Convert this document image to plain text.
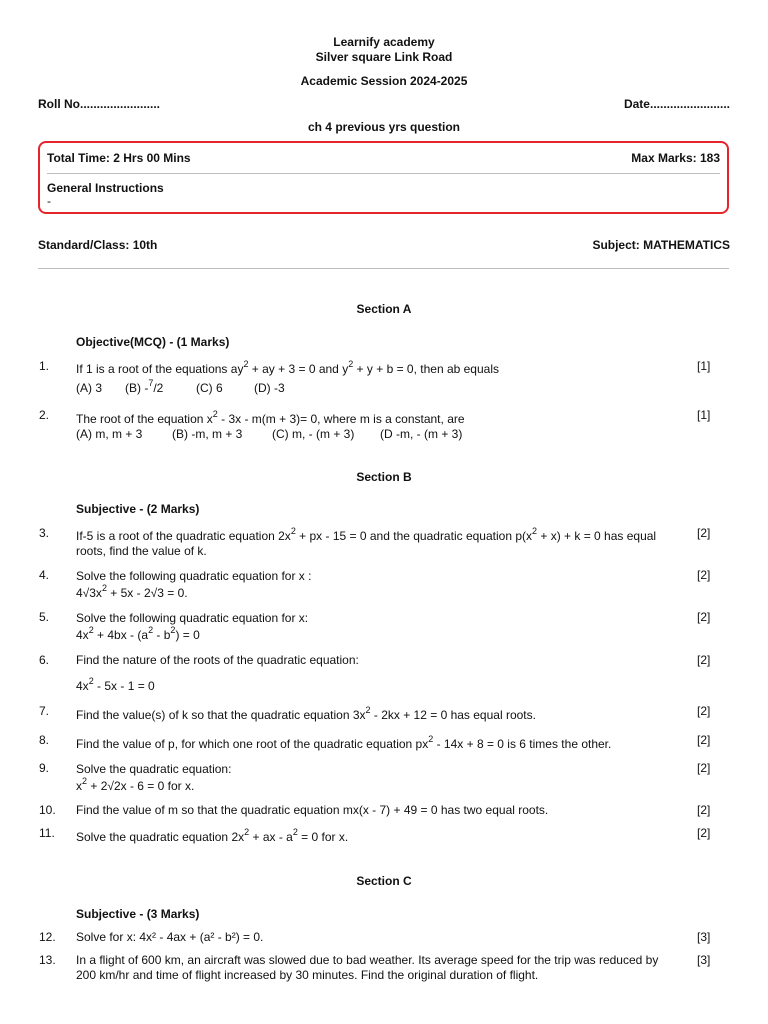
Learnify academy
Silver square Link Road
Academic Session 2024-2025
Roll No........................	Date........................
ch 4 previous yrs question
Total Time: 2 Hrs 00 Mins	Max Marks: 183
General Instructions
-
Standard/Class: 10th	Subject: MATHEMATICS
Section A
Objective(MCQ) - (1 Marks)
1. If 1 is a root of the equations $ay^2$ + ay + 3 = 0 and $y^2 + y + b = 0$, then ab equals	[1]
(A) 3 (B) -$^7$/2	(C) 6	(D) -3
2. The root of the equation $x^2 - 3x - m(m + 3)= 0$, where m is a constant, are	[1]
(A) m, m + 3 (B) -m, m + 3 (C) m, - (m + 3) (D -m, - (m + 3)
Section B
Subjective - (2 Marks)
3. If-5 is a root of the quadratic equation $2x^2$ + px - 15 = 0 and the quadratic equation $p(x^2 + x) + k = 0$ has equal
roots, find the value of k.
[2]
4. Solve the following quadratic equation for x :
$4√3x^2 + 5x - 2√3 = 0$.
[2]
5. Solve the following quadratic equation for x:
$4x^2 + 4bx - (a^2 - b^2) = 0$
[2]
6. Find the nature of the roots of the quadratic equation:
$4x^2 - 5x - 1 = 0$
[2]
7. Find the value(s) of k so that the quadratic equation $3x^2 - 2kx + 12 = 0$ has equal roots.	[2]
8. Find the value of p, for which one root of the quadratic equation $px^2 - 14x + 8 = 0$ is 6 times the other.	[2]
9. Solve the quadratic equation:
$x^2 + 2√2x - 6 = 0$ for x.
[2]
10. Find the value of m so that the quadratic equation mx(x - 7) + 49 = 0 has two equal roots.	[2]
11. Solve the quadratic equation $2x^2$ + ax - $a^2 = 0$ for x.	[2]
Section C
Subjective - (3 Marks)
12. Solve for x: 4x² - 4ax + (a² - b²) = 0.	[3]
13. In a flight of 600 km, an aircraft was slowed due to bad weather. Its average speed for the trip was reduced by
200 km/hr and time of flight increased by 30 minutes. Find the original duration of flight.
[3]
